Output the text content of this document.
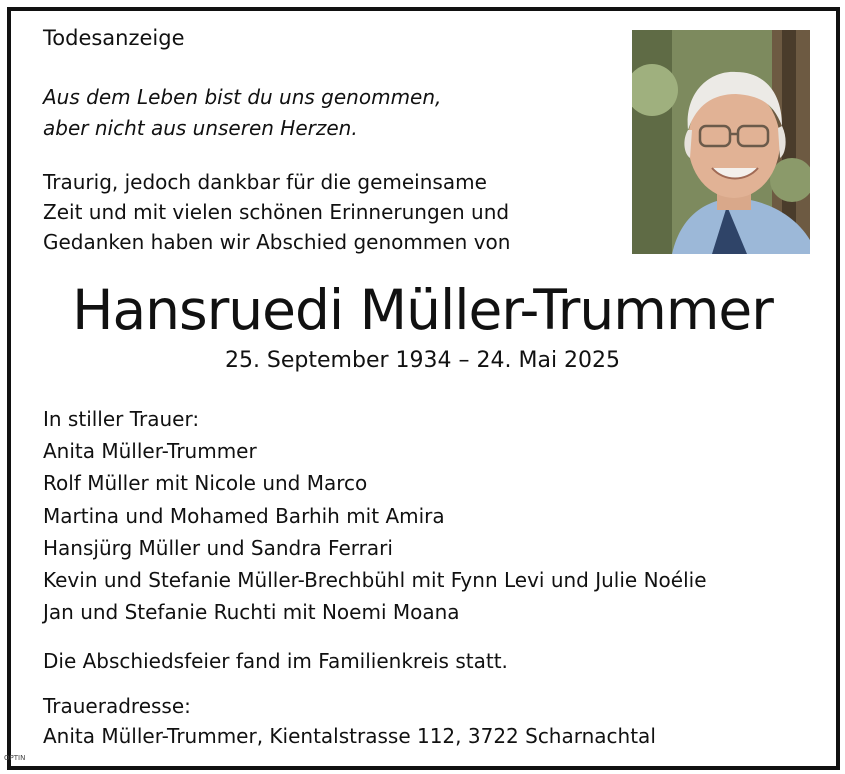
Todesanzeige
Aus dem Leben bist du uns genommen,
aber nicht aus unseren Herzen.
Traurig, jedoch dankbar für die gemeinsame
Zeit und mit vielen schönen Erinnerungen und
Gedanken haben wir Abschied genommen von
Hansruedi Müller-Trummer
25. September 1934 – 24. Mai 2025
In stiller Trauer:
Anita Müller-Trummer
Rolf Müller mit Nicole und Marco
Martina und Mohamed Barhih mit Amira
Hansjürg Müller und Sandra Ferrari
Kevin und Stefanie Müller-Brechbühl mit Fynn Levi und Julie Noélie
Jan und Stefanie Ruchti mit Noemi Moana
Die Abschiedsfeier fand im Familienkreis statt.
Traueradresse:
Anita Müller-Trummer, Kientalstrasse 112, 3722 Scharnachtal
OPTIN
